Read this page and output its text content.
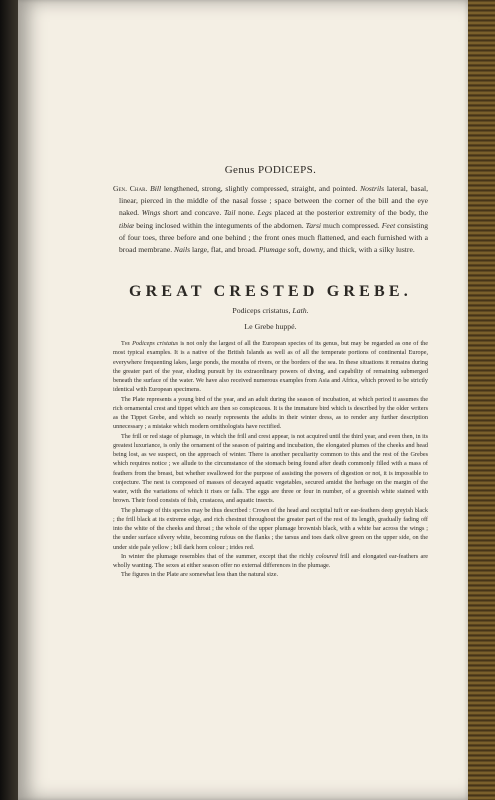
Genus PODICEPS.
Gen. Char. Bill lengthened, strong, slightly compressed, straight, and pointed. Nostrils lateral, basal, linear, pierced in the middle of the nasal fosse ; space between the corner of the bill and the eye naked. Wings short and concave. Tail none. Legs placed at the posterior extremity of the body, the tibiæ being inclosed within the integuments of the abdomen. Tarsi much compressed. Feet consisting of four toes, three before and one behind ; the front ones much flattened, and each furnished with a broad membrane. Nails large, flat, and broad. Plumage soft, downy, and thick, with a silky lustre.
GREAT CRESTED GREBE.
Podiceps cristatus, Lath.
Le Grebe huppé.

The Podiceps cristatus is not only the largest of all the European species of its genus, but may be regarded as one of the most typical examples. It is a native of the British Islands as well as of all the temperate portions of continental Europe, everywhere frequenting lakes, large ponds, the mouths of rivers, or the borders of the sea. In these situations it remains during the greater part of the year, eluding pursuit by its extraordinary powers of diving, and capability of remaining submerged beneath the surface of the water. We have also received numerous examples from Asia and Africa, which proved to be strictly identical with European specimens.

The Plate represents a young bird of the year, and an adult during the season of incubation, at which period it assumes the rich ornamental crest and tippet which are then so conspicuous. It is the immature bird which is described by the older writers as the Tippet Grebe, and which so nearly represents the adults in their winter dress, as to render any further description unnecessary ; a mistake which modern ornithologists have rectified.

The frill or red stage of plumage, in which the frill and crest appear, is not acquired until the third year, and even then, in its greatest luxuriance, is only the ornament of the season of pairing and incubation, the elongated plumes of the cheeks and head being lost, as we suspect, on the approach of winter. There is another peculiarity common to this and the rest of the Grebes which requires notice ; we allude to the circumstance of the stomach being found after death commonly filled with a mass of feathers from the breast, but whether swallowed for the purpose of assisting the powers of digestion or not, it is impossible to conjecture. The nest is composed of masses of decayed aquatic vegetables, secured amidst the herbage on the margin of the water, with the variations of which it rises or falls. The eggs are three or four in number, of a greenish white stained with brown. Their food consists of fish, crustacea, and aquatic insects.

The plumage of this species may be thus described : Crown of the head and occipital tuft or ear-feathers deep greyish black ; the frill black at its extreme edge, and rich chestnut throughout the greater part of the rest of its length, gradually fading off into the white of the cheeks and throat ; the whole of the upper plumage brownish black, with a white bar across the wings ; the under surface silvery white, becoming rufous on the flanks ; the tarsus and toes dark olive green on the upper side, on the under side pale yellow ; bill dark horn colour ; irides red.

In winter the plumage resembles that of the summer, except that the richly coloured frill and elongated ear-feathers are wholly wanting. The sexes at either season offer no external differences in the plumage.

The figures in the Plate are somewhat less than the natural size.
